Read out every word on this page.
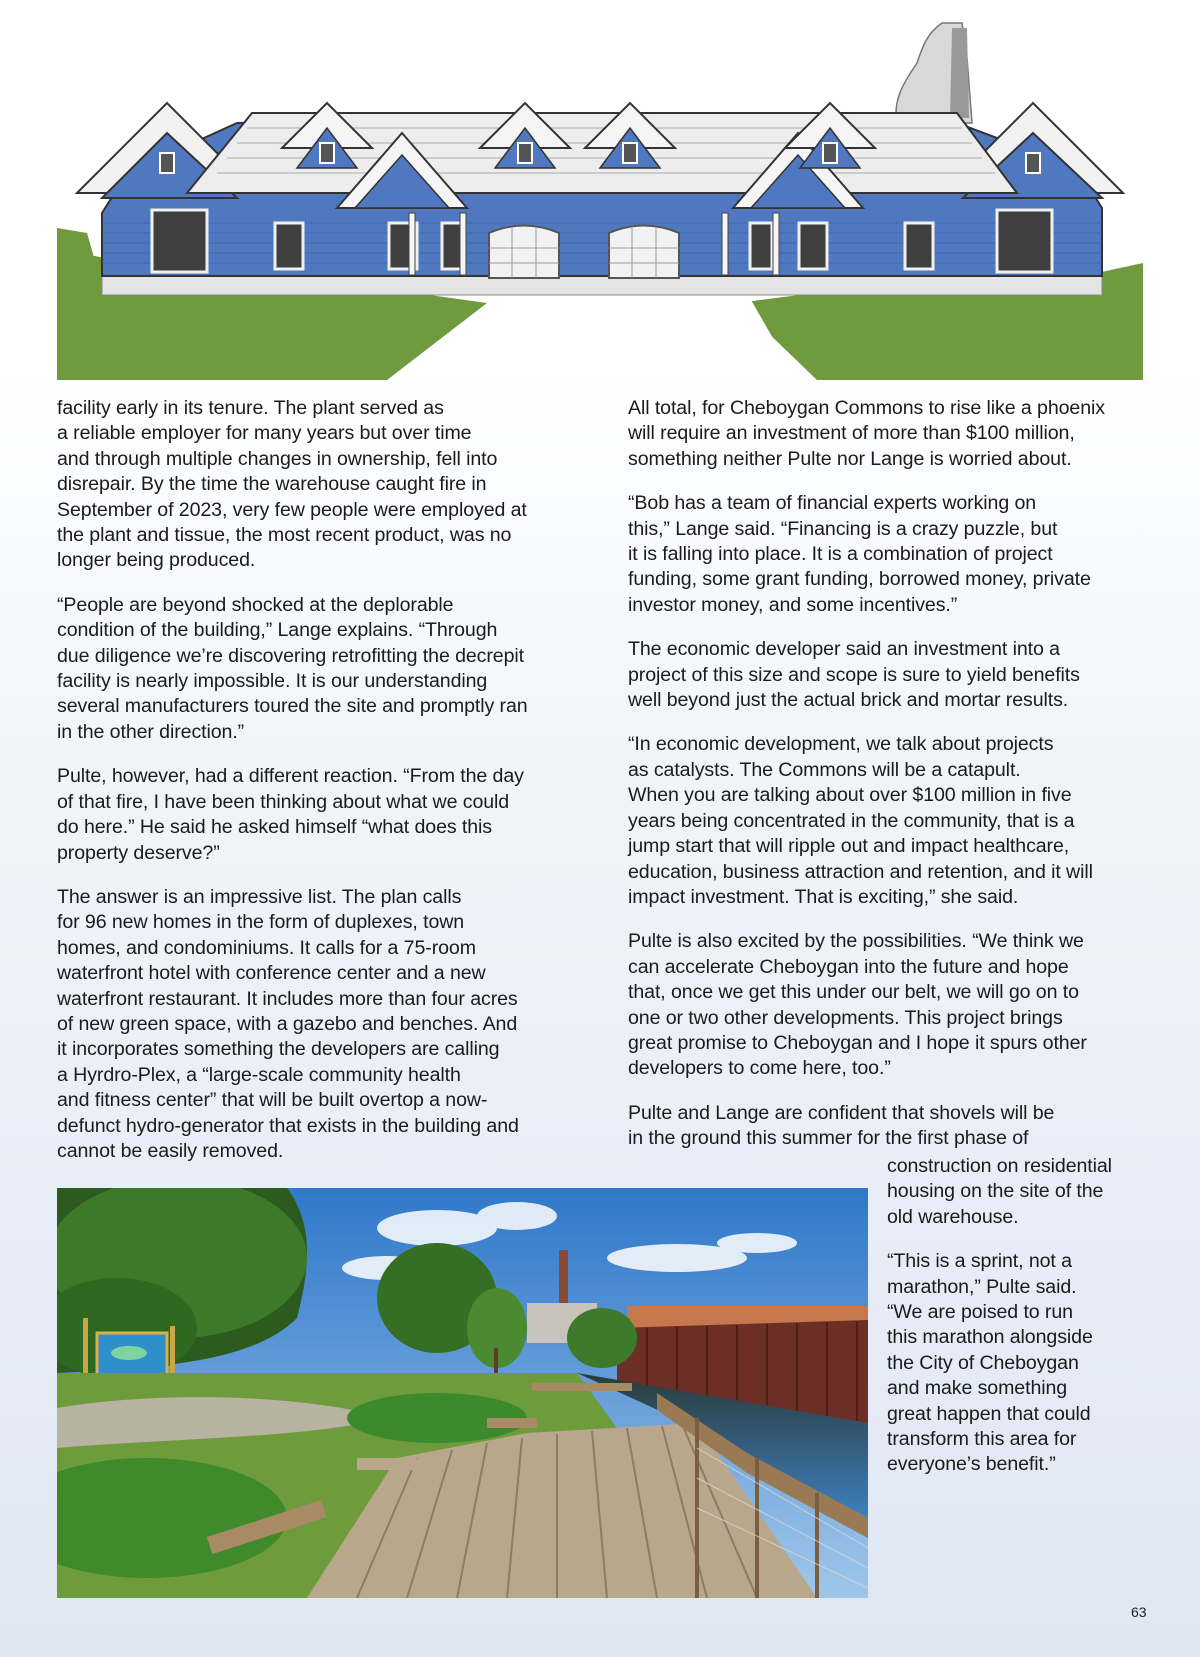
facility early in its tenure. The plant served as
a reliable employer for many years but over time
and through multiple changes in ownership, fell into
disrepair. By the time the warehouse caught fire in
September of 2023, very few people were employed at
the plant and tissue, the most recent product, was no
longer being produced.

“People are beyond shocked at the deplorable
condition of the building,” Lange explains. “Through
due diligence we’re discovering retrofitting the decrepit
facility is nearly impossible. It is our understanding
several manufacturers toured the site and promptly ran
in the other direction.”

Pulte, however, had a different reaction. “From the day
of that fire, I have been thinking about what we could
do here.” He said he asked himself “what does this
property deserve?”

The answer is an impressive list. The plan calls
for 96 new homes in the form of duplexes, town
homes, and condominiums. It calls for a 75-room
waterfront hotel with conference center and a new
waterfront restaurant. It includes more than four acres
of new green space, with a gazebo and benches. And
it incorporates something the developers are calling
a Hyrdro-Plex, a “large-scale community health
and fitness center” that will be built overtop a now-
defunct hydro-generator that exists in the building and
cannot be easily removed.

All total, for Cheboygan Commons to rise like a phoenix
will require an investment of more than $100 million,
something neither Pulte nor Lange is worried about.

“Bob has a team of financial experts working on
this,” Lange said. “Financing is a crazy puzzle, but
it is falling into place. It is a combination of project
funding, some grant funding, borrowed money, private
investor money, and some incentives.”

The economic developer said an investment into a
project of this size and scope is sure to yield benefits
well beyond just the actual brick and mortar results.

“In economic development, we talk about projects
as catalysts. The Commons will be a catapult.
When you are talking about over $100 million in five
years being concentrated in the community, that is a
jump start that will ripple out and impact healthcare,
education, business attraction and retention, and it will
impact investment. That is exciting,” she said.

Pulte is also excited by the possibilities. “We think we
can accelerate Cheboygan into the future and hope
that, once we get this under our belt, we will go on to
one or two other developments. This project brings
great promise to Cheboygan and I hope it spurs other
developers to come here, too.”

Pulte and Lange are confident that shovels will be
in the ground this summer for the first phase of

construction on residential
housing on the site of the
old warehouse.

“This is a sprint, not a
marathon,” Pulte said.
“We are poised to run
this marathon alongside
the City of Cheboygan
and make something
great happen that could
transform this area for
everyone’s benefit.”

63
